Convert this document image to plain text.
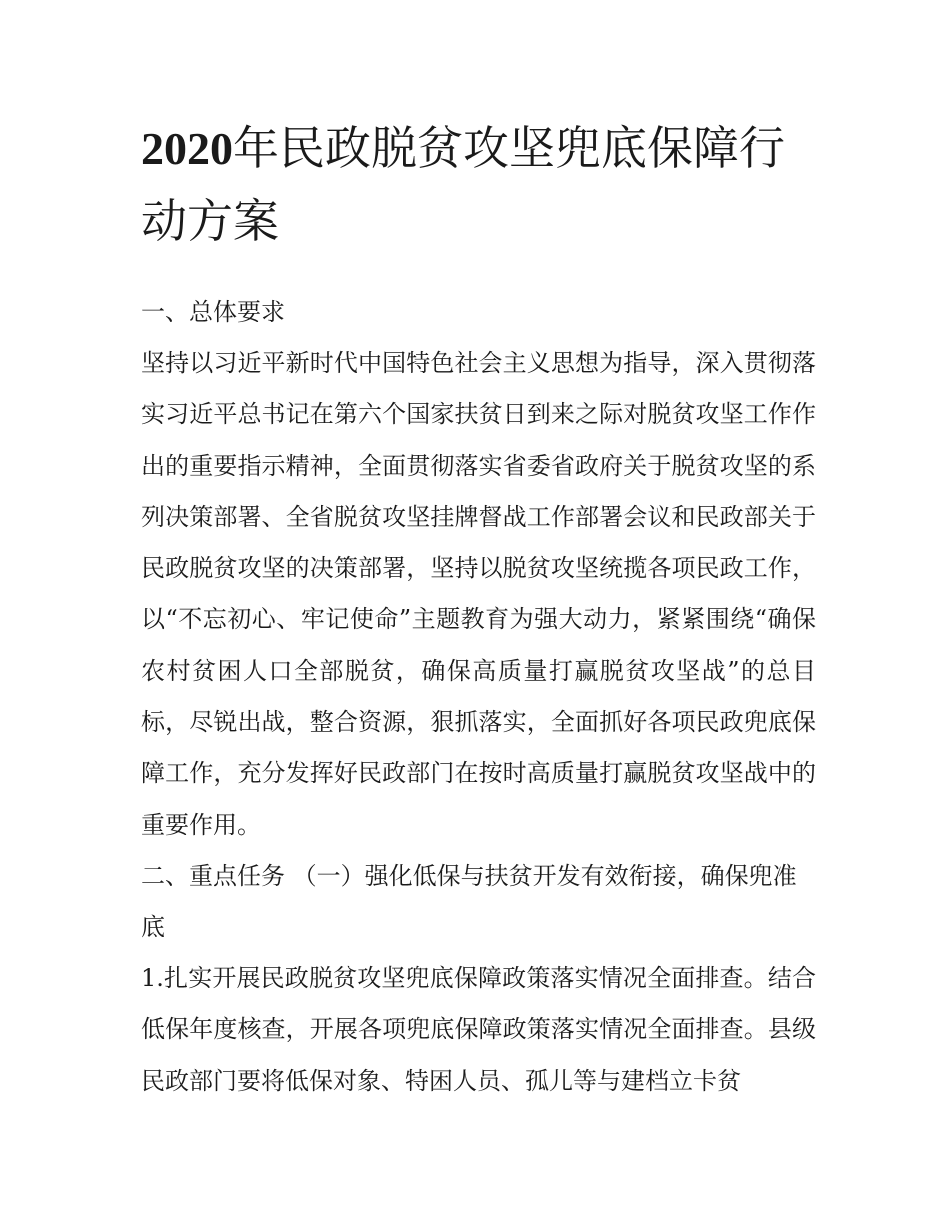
2020年民政脱贫攻坚兜底保障行动方案
一、总体要求

坚持以习近平新时代中国特色社会主义思想为指导，深入贯彻落实习近平总书记在第六个国家扶贫日到来之际对脱贫攻坚工作作出的重要指示精神，全面贯彻落实省委省政府关于脱贫攻坚的系列决策部署、全省脱贫攻坚挂牌督战工作部署会议和民政部关于民政脱贫攻坚的决策部署，坚持以脱贫攻坚统揽各项民政工作，以“不忘初心、牢记使命”主题教育为强大动力，紧紧围绕“确保农村贫困人口全部脱贫，确保高质量打赢脱贫攻坚战”的总目标，尽锐出战，整合资源，狠抓落实，全面抓好各项民政兜底保障工作，充分发挥好民政部门在按时高质量打赢脱贫攻坚战中的重要作用。

二、重点任务 （一）强化低保与扶贫开发有效衔接，确保兜准底

1.扎实开展民政脱贫攻坚兜底保障政策落实情况全面排查。结合低保年度核查，开展各项兜底保障政策落实情况全面排查。县级民政部门要将低保对象、特困人员、孤儿等与建档立卡贫
